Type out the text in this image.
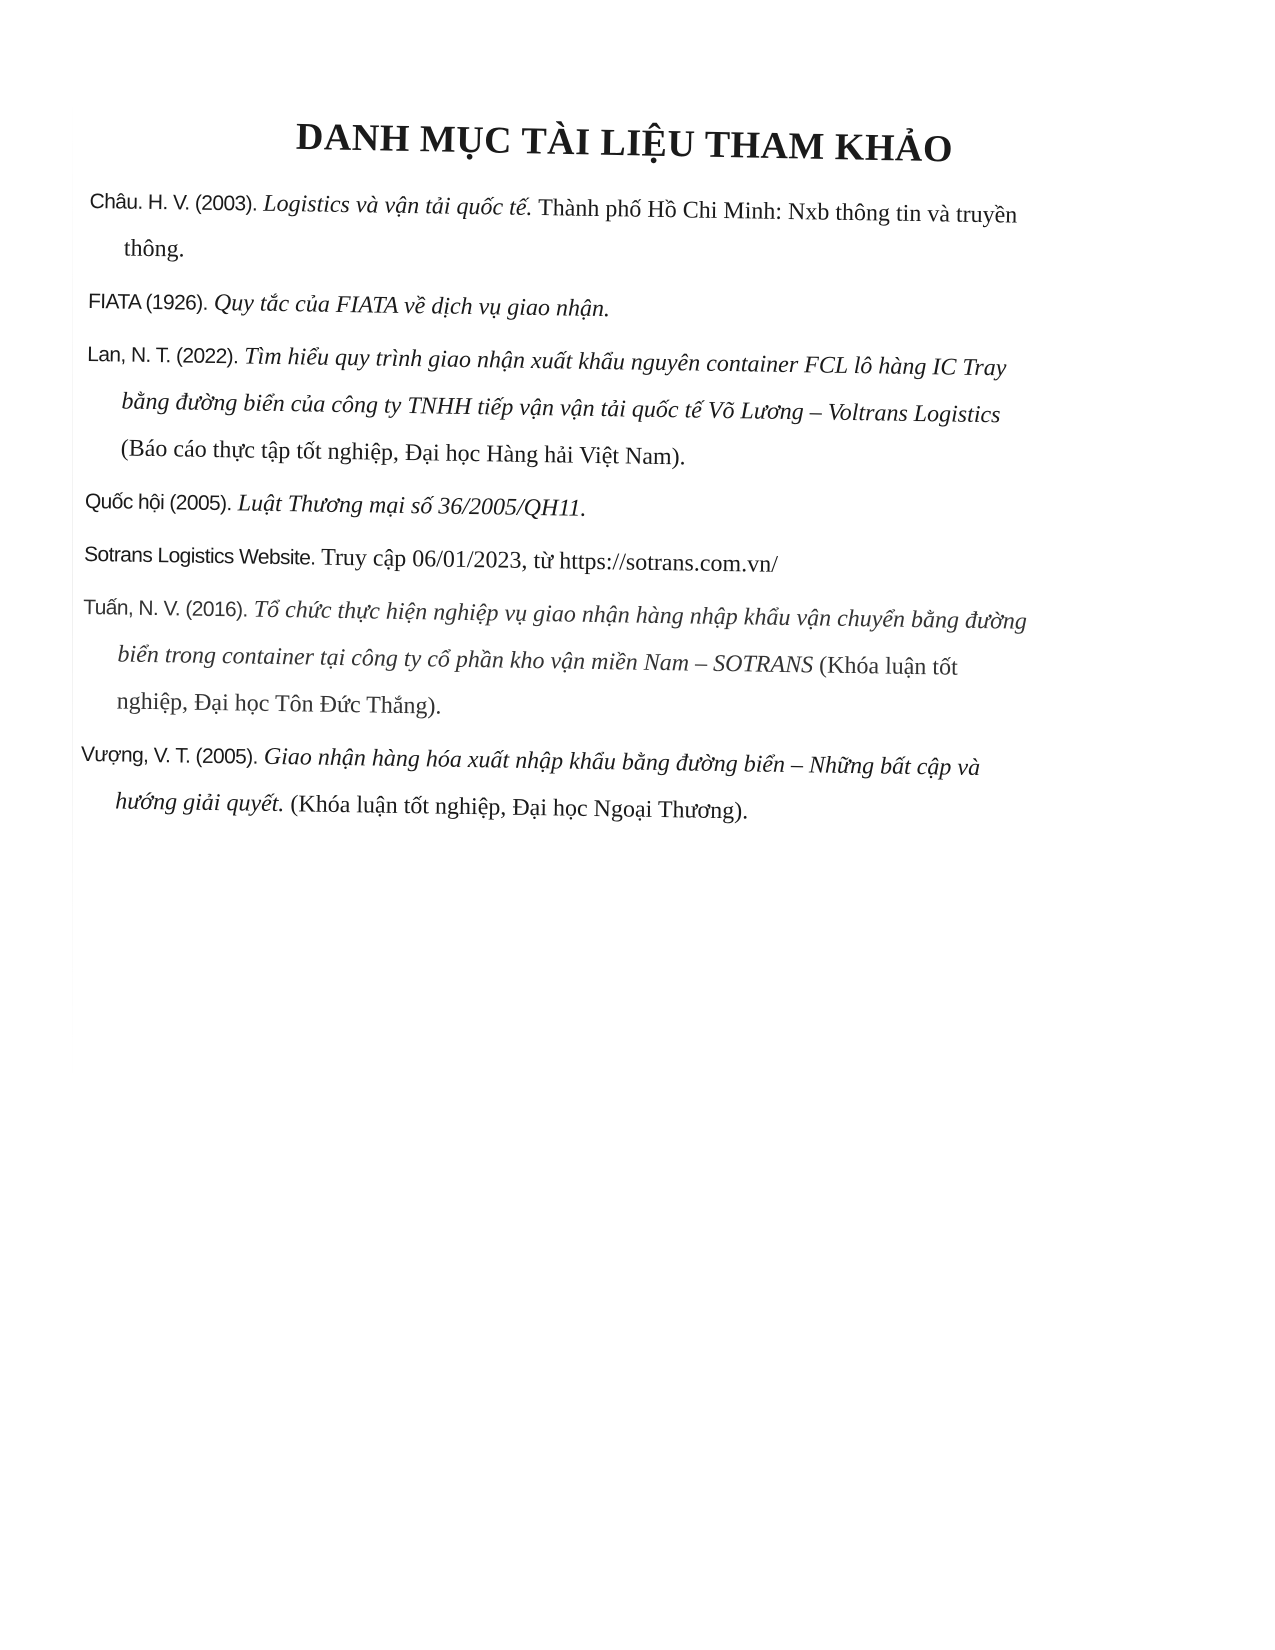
DANH MỤC TÀI LIỆU THAM KHẢO

Châu. H. V. (2003). Logistics và vận tải quốc tế. Thành phố Hồ Chi Minh: Nxb thông tin và truyền thông.

FIATA (1926). Quy tắc của FIATA về dịch vụ giao nhận.

Lan, N. T. (2022). Tìm hiểu quy trình giao nhận xuất khẩu nguyên container FCL lô hàng IC Tray bằng đường biển của công ty TNHH tiếp vận vận tải quốc tế Võ Lương – Voltrans Logistics (Báo cáo thực tập tốt nghiệp, Đại học Hàng hải Việt Nam).

Quốc hội (2005). Luật Thương mại số 36/2005/QH11.

Sotrans Logistics Website. Truy cập 06/01/2023, từ https://sotrans.com.vn/

Tuấn, N. V. (2016). Tổ chức thực hiện nghiệp vụ giao nhận hàng nhập khẩu vận chuyển bằng đường biển trong container tại công ty cổ phần kho vận miền Nam – SOTRANS (Khóa luận tốt nghiệp, Đại học Tôn Đức Thắng).

Vượng, V. T. (2005). Giao nhận hàng hóa xuất nhập khẩu bằng đường biển – Những bất cập và hướng giải quyết. (Khóa luận tốt nghiệp, Đại học Ngoại Thương).
